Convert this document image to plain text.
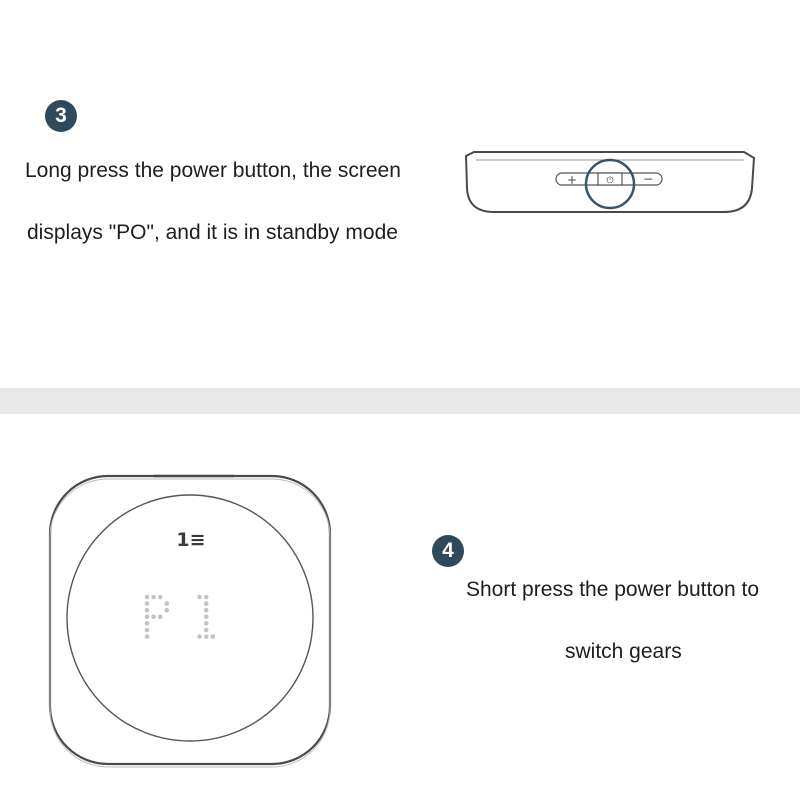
3
Long press the power button, the screen
displays "PO", and it is in standby mode
+	⏻ −
1≡	4
Short press the power button to
switch gears
